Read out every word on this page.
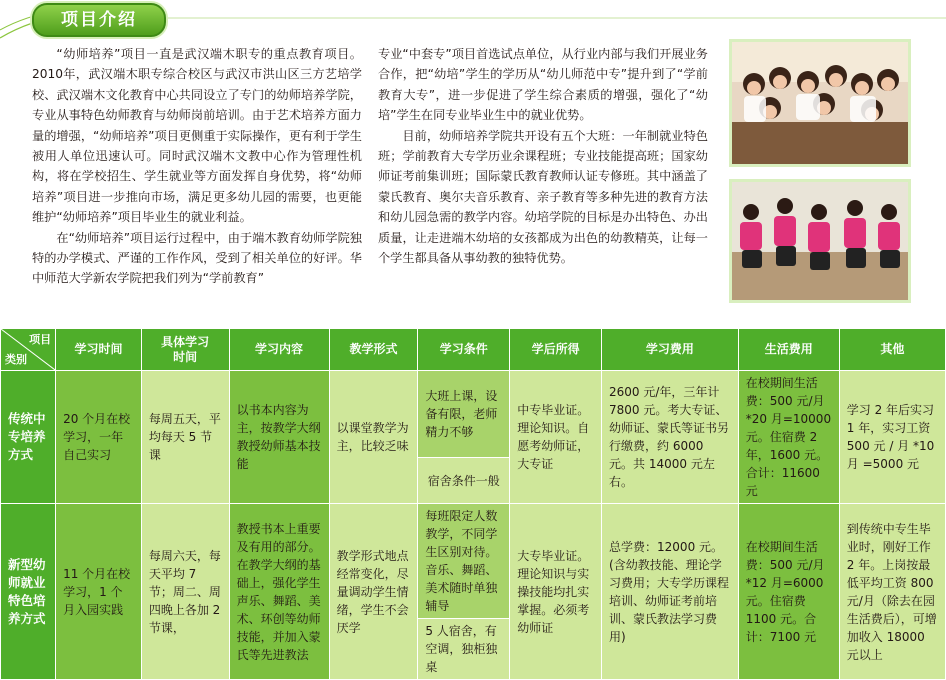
项目介绍

“幼师培养”项目一直是武汉端木职专的重点教育项目。2010年，武汉端木职专综合校区与武汉市洪山区三方艺培学校、武汉端木文化教育中心共同设立了专门的幼师培养学院，专业从事特色幼师教育与幼师岗前培训。由于艺术培养方面力量的增强，“幼师培养”项目更侧重于实际操作，更有利于学生被用人单位迅速认可。同时武汉端木文教中心作为管理性机构，将在学校招生、学生就业等方面发挥自身优势，将“幼师培养”项目进一步推向市场，满足更多幼儿园的需要，也更能维护“幼师培养”项目毕业生的就业利益。

在“幼师培养”项目运行过程中，由于端木教育幼师学院独特的办学模式、严谨的工作作风，受到了相关单位的好评。华中师范大学新农学院把我们列为“学前教育”

专业“中套专”项目首选试点单位，从行业内部与我们开展业务合作，把“幼培”学生的学历从“幼儿师范中专”提升到了“学前教育大专”，进一步促进了学生综合素质的增强，强化了“幼培”学生在同专业毕业生中的就业优势。

目前，幼师培养学院共开设有五个大班：一年制就业特色班；学前教育大专学历业余课程班；专业技能提高班；国家幼师证考前集训班；国际蒙氏教育教师认证专修班。其中涵盖了蒙氏教育、奥尔夫音乐教育、亲子教育等多种先进的教育方法和幼儿园急需的教学内容。幼培学院的目标是办出特色、办出质量，让走进端木幼培的女孩都成为出色的幼教精英，让每一个学生都具备从事幼教的独特优势。

项目
类别	学习时间	具体学习时间	学习内容	教学形式	学习条件	学后所得	学习费用	生活费用	其他
传统中专培养方式	20 个月在校学习，一年自己实习	每周五天，平均每天 5 节课	以书本内容为主，按教学大纲教授幼师基本技能	以课堂教学为主，比较乏味	大班上课，设备有限，老师精力不够	中专毕业证。理论知识。自愿考幼师证，大专证	2600 元/年，三年计 7800 元。考大专证、幼师证、蒙氏等证书另行缴费，约 6000 元。共 14000 元左右。	在校期间生活费：500 元/月 *20 月=10000 元。住宿费 2 年，1600 元。合计：11600 元	学习 2 年后实习 1 年，实习工资 500 元 / 月 *10 月 =5000 元
					宿舍条件一般				
新型幼师就业特色培养方式	11 个月在校学习，1 个月入园实践	每周六天，每天平均 7 节；周二、周四晚上各加 2 节课，	教授书本上重要及有用的部分。在教学大纲的基础上，强化学生声乐、舞蹈、美术、环创等幼师技能，并加入蒙氏等先进教法	教学形式地点经常变化，尽量调动学生情绪，学生不会厌学	每班限定人数教学，不同学生区别对待。音乐、舞蹈、美术随时单独辅导	大专毕业证。理论知识与实操技能均扎实掌握。必须考幼师证	总学费：12000 元。(含幼教技能、理论学习费用；大专学历课程培训、幼师证考前培训、蒙氏教法学习费用)	在校期间生活费：500 元/月 *12 月=6000 元。住宿费 1100 元。合计：7100 元	到传统中专生毕业时，刚好工作 2 年。上岗按最低平均工资 800 元/月（除去在园生活费后），可增加收入 18000 元以上
					5 人宿舍，有空调，独柜独桌				
